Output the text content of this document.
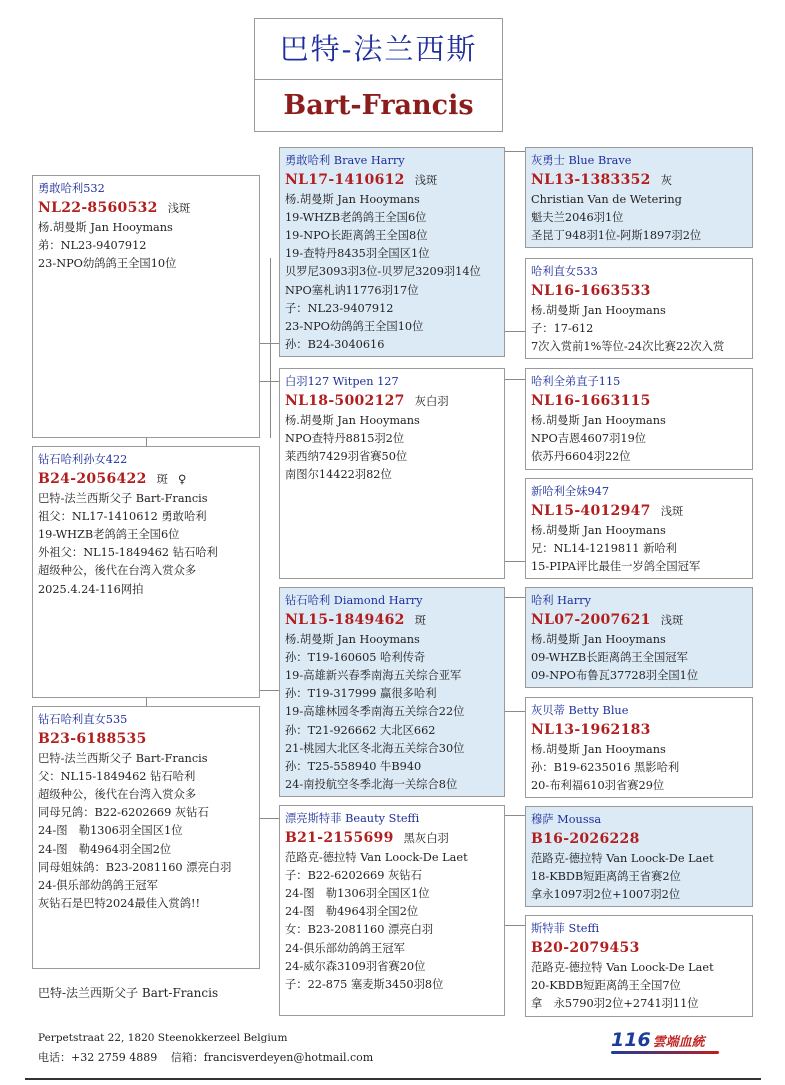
巴特-法兰西斯
Bart-Francis
勇敢哈利532
NL22-8560532 浅斑
杨.胡曼斯 Jan Hooymans
弟：NL23-9407912
23-NPO幼鸽鸽王全国10位
钻石哈利孙女422
B24-2056422 斑 ♀
巴特-法兰西斯父子 Bart-Francis
祖父：NL17-1410612 勇敢哈利
19-WHZB老鸽鸽王全国6位
外祖父：NL15-1849462 钻石哈利
超级种公，後代在台湾入赏众多
2025.4.24-116网拍
钻石哈利直女535
B23-6188535
巴特-法兰西斯父子 Bart-Francis
父：NL15-1849462 钻石哈利
超级种公，後代在台湾入赏众多
同母兄鸽：B22-6202669 灰钻石
24-图　勒1306羽全国区1位
24-图　勒4964羽全国2位
同母姐妹鸽：B23-2081160 漂亮白羽
24-俱乐部幼鸽鸽王冠军
灰钻石是巴特2024最佳入赏鸽!!
勇敢哈利 Brave Harry
NL17-1410612 浅斑
杨.胡曼斯 Jan Hooymans
19-WHZB老鸽鸽王全国6位
19-NPO长距离鸽王全国8位
19-查特丹8435羽全国区1位
贝罗尼3093羽3位-贝罗尼3209羽14位
NPO塞札讷11776羽17位
子：NL23-9407912
23-NPO幼鸽鸽王全国10位
孙：B24-3040616
白羽127 Witpen 127
NL18-5002127 灰白羽
杨.胡曼斯 Jan Hooymans
NPO查特丹8815羽2位
莱西纳7429羽省赛50位
南图尔14422羽82位
钻石哈利 Diamond Harry
NL15-1849462 斑
杨.胡曼斯 Jan Hooymans
孙：T19-160605 哈利传奇
19-高雄新兴春季南海五关综合亚军
孙：T19-317999 赢很多哈利
19-高雄林园冬季南海五关综合22位
孙：T21-926662 大北区662
21-桃园大北区冬北海五关综合30位
孙：T25-558940 牛B940
24-南投航空冬季北海一关综合8位
漂亮斯特菲 Beauty Steffi
B21-2155699 黑灰白羽
范路克-德拉特 Van Loock-De Laet
子：B22-6202669 灰钻石
24-图　勒1306羽全国区1位
24-图　勒4964羽全国2位
女：B23-2081160 漂亮白羽
24-俱乐部幼鸽鸽王冠军
24-威尔森3109羽省赛20位
子：22-875 塞麦斯3450羽8位
灰勇士 Blue Brave
NL13-1383352 灰
Christian Van de Wetering
魁夫兰2046羽1位
圣昆丁948羽1位-阿斯1897羽2位
哈利直女533
NL16-1663533
杨.胡曼斯 Jan Hooymans
子：17-612
7次入赏前1%等位-24次比赛22次入赏
哈利全弟直子115
NL16-1663115
杨.胡曼斯 Jan Hooymans
NPO吉恩4607羽19位
依苏丹6604羽22位
新哈利全妹947
NL15-4012947 浅斑
杨.胡曼斯 Jan Hooymans
兄：NL14-1219811 新哈利
15-PIPA评比最佳一岁鸽全国冠军
哈利 Harry
NL07-2007621 浅斑
杨.胡曼斯 Jan Hooymans
09-WHZB长距离鸽王全国冠军
09-NPO布鲁瓦37728羽全国1位
灰贝蒂 Betty Blue
NL13-1962183
杨.胡曼斯 Jan Hooymans
孙：B19-6235016 黑影哈利
20-布利福610羽省赛29位
穆萨 Moussa
B16-2026228
范路克-德拉特 Van Loock-De Laet
18-KBDB短距离鸽王省赛2位
拿永1097羽2位+1007羽2位
斯特菲 Steffi
B20-2079453
范路克-德拉特 Van Loock-De Laet
20-KBDB短距离鸽王全国7位
拿　永5790羽2位+2741羽11位
巴特-法兰西斯父子 Bart-Francis
Perpetstraat 22, 1820 Steenokkerzeel Belgium
电话：+32 2759 4889 信箱：francisverdeyen@hotmail.com
116 雲端血統
